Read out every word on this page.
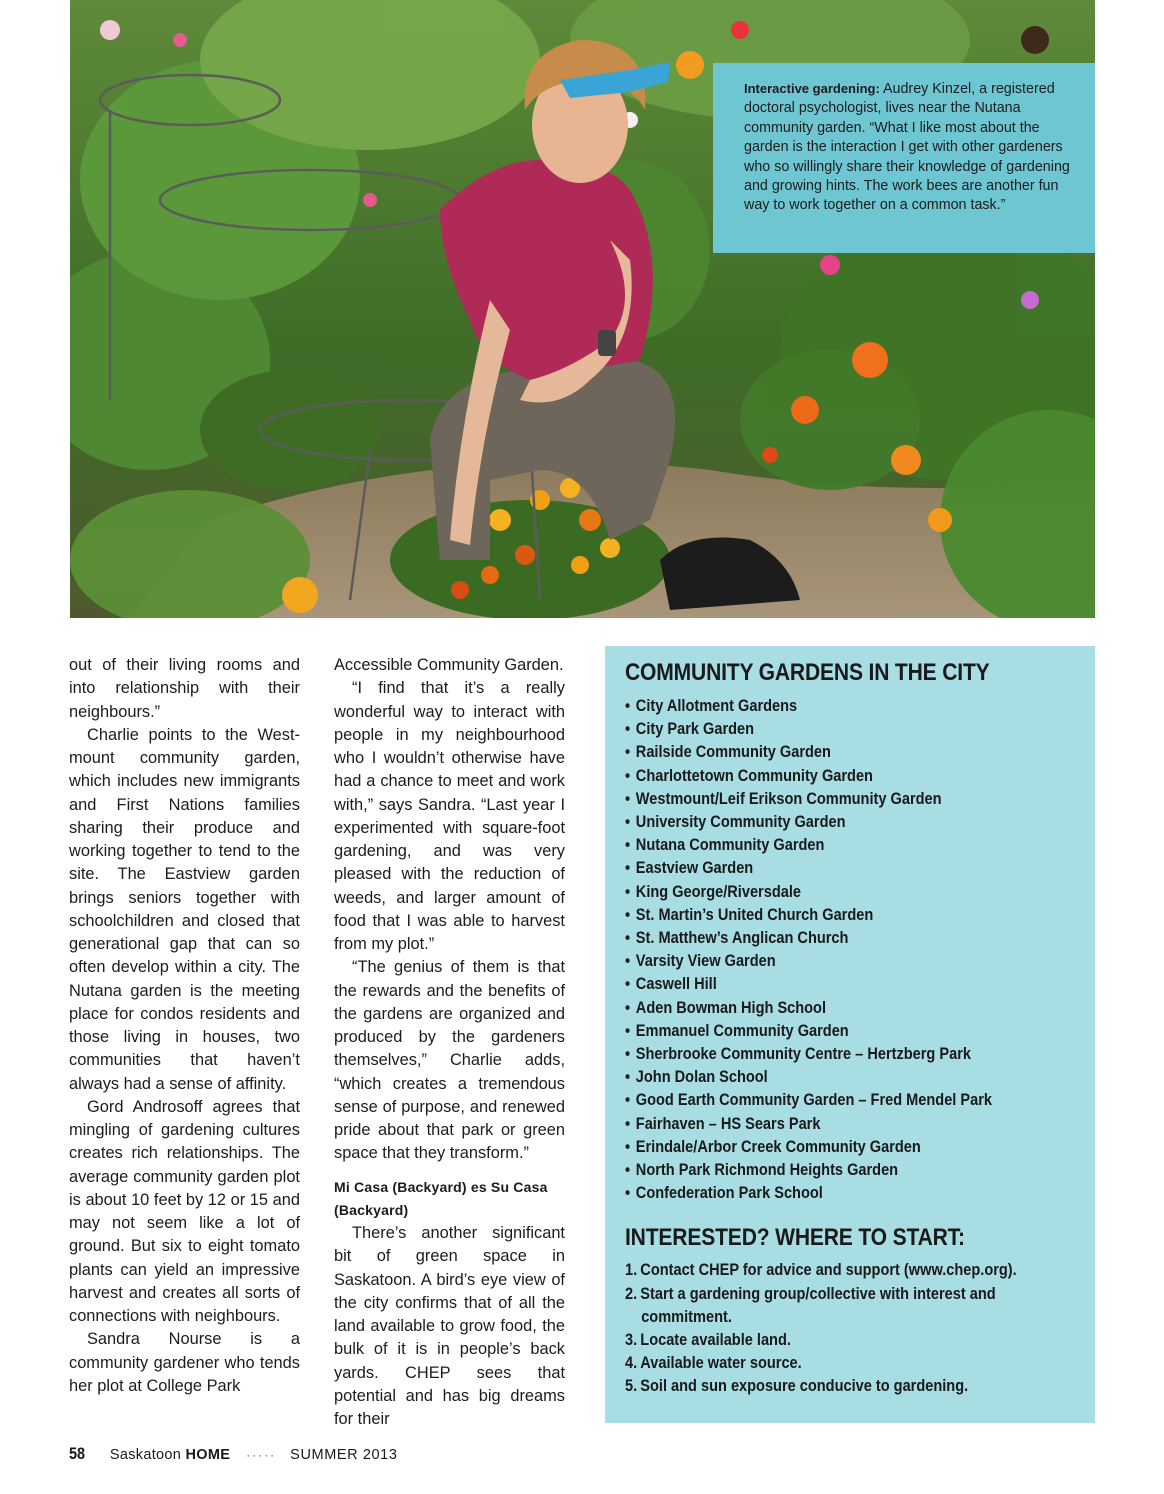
Interactive gardening: Audrey Kinzel, a registered doctoral psychologist, lives near the Nutana community garden. “What I like most about the garden is the interaction I get with other gardeners who so willingly share their knowledge of gardening and growing hints. The work bees are another fun way to work together on a common task.”

out of their living rooms and into relationship with their neighbours.”

Charlie points to the Westmount community garden, which includes new immigrants and First Nations families sharing their produce and working together to tend to the site. The Eastview garden brings seniors together with schoolchildren and closed that generational gap that can so often develop within a city. The Nutana garden is the meeting place for condos residents and those living in houses, two communities that haven’t always had a sense of affinity.

Gord Androsoff agrees that mingling of gardening cultures creates rich relationships. The average community garden plot is about 10 feet by 12 or 15 and may not seem like a lot of ground. But six to eight tomato plants can yield an impressive harvest and creates all sorts of connections with neighbours.

Sandra Nourse is a community gardener who tends her plot at College Park

Accessible Community Garden.

“I find that it’s a really wonderful way to interact with people in my neighbourhood who I wouldn’t otherwise have had a chance to meet and work with,” says Sandra. “Last year I experimented with square-foot gardening, and was very pleased with the reduction of weeds, and larger amount of food that I was able to harvest from my plot.”

“The genius of them is that the rewards and the benefits of the gardens are organized and produced by the gardeners themselves,” Charlie adds, “which creates a tremendous sense of purpose, and renewed pride about that park or green space that they transform.”

Mi Casa (Backyard) es Su Casa (Backyard)

There’s another significant bit of green space in Saskatoon. A bird’s eye view of the city confirms that of all the land available to grow food, the bulk of it is in people’s back yards. CHEP sees that potential and has big dreams for their

COMMUNITY GARDENS IN THE CITY
• City Allotment Gardens
• City Park Garden
• Railside Community Garden
• Charlottetown Community Garden
• Westmount/Leif Erikson Community Garden
• University Community Garden
• Nutana Community Garden
• Eastview Garden
• King George/Riversdale
• St. Martin’s United Church Garden
• St. Matthew’s Anglican Church
• Varsity View Garden
• Caswell Hill
• Aden Bowman High School
• Emmanuel Community Garden
• Sherbrooke Community Centre – Hertzberg Park
• John Dolan School
• Good Earth Community Garden – Fred Mendel Park
• Fairhaven – HS Sears Park
• Erindale/Arbor Creek Community Garden
• North Park Richmond Heights Garden
• Confederation Park School
INTERESTED? WHERE TO START:
1. Contact CHEP for advice and support (www.chep.org).
2. Start a gardening group/collective with interest and
commitment.
3. Locate available land.
4. Available water source.
5. Soil and sun exposure conducive to gardening.
58 Saskatoon HOME ····· SUMMER 2013
